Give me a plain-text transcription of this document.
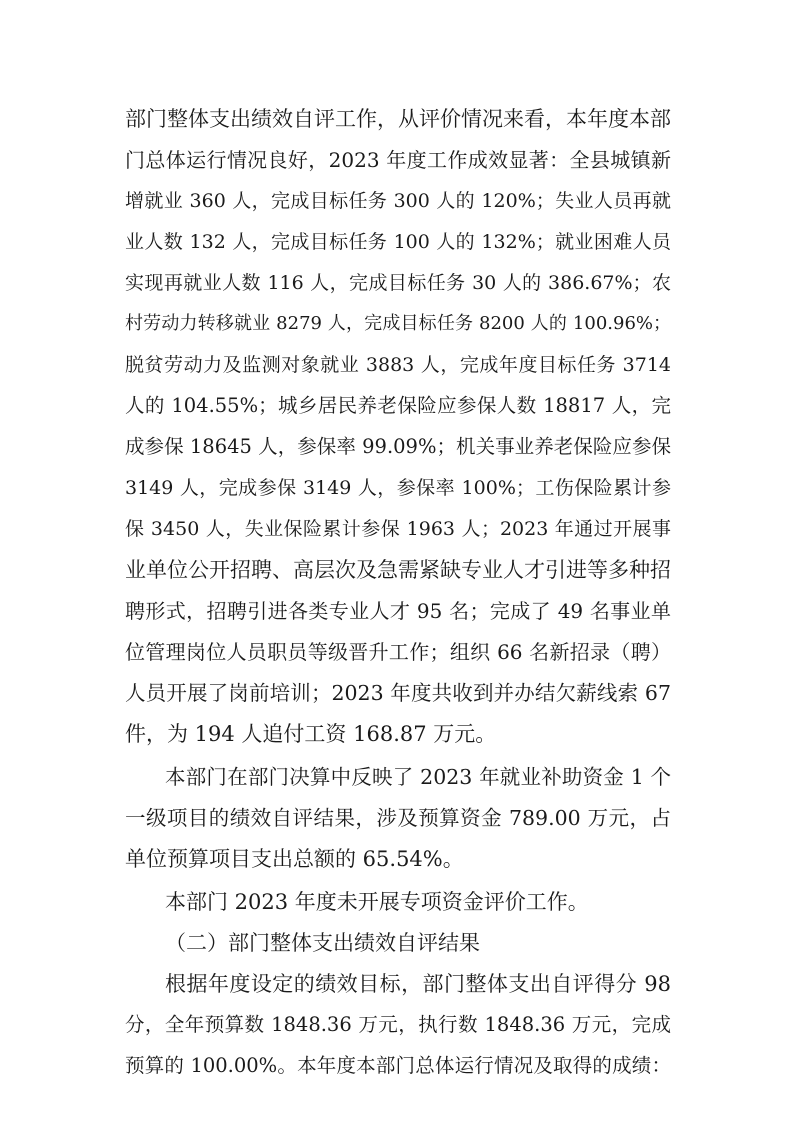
部门整体支出绩效自评工作，从评价情况来看，本年度本部
门总体运行情况良好，2023 年度工作成效显著：全县城镇新
增就业 360 人，完成目标任务 300 人的 120%；失业人员再就
业人数 132 人，完成目标任务 100 人的 132%；就业困难人员
实现再就业人数 116 人，完成目标任务 30 人的 386.67%；农
村劳动力转移就业 8279 人，完成目标任务 8200 人的 100.96%；
脱贫劳动力及监测对象就业 3883 人，完成年度目标任务 3714
人的 104.55%；城乡居民养老保险应参保人数 18817 人，完
成参保 18645 人，参保率 99.09%；机关事业养老保险应参保
3149 人，完成参保 3149 人，参保率 100%；工伤保险累计参
保 3450 人，失业保险累计参保 1963 人；2023 年通过开展事
业单位公开招聘、高层次及急需紧缺专业人才引进等多种招
聘形式，招聘引进各类专业人才 95 名；完成了 49 名事业单
位管理岗位人员职员等级晋升工作；组织 66 名新招录（聘）
人员开展了岗前培训；2023 年度共收到并办结欠薪线索 67
件，为 194 人追付工资 168.87 万元。
本部门在部门决算中反映了 2023 年就业补助资金 1 个
一级项目的绩效自评结果，涉及预算资金 789.00 万元，占
单位预算项目支出总额的 65.54%。
本部门 2023 年度未开展专项资金评价工作。
（二）部门整体支出绩效自评结果
根据年度设定的绩效目标，部门整体支出自评得分 98
分，全年预算数 1848.36 万元，执行数 1848.36 万元，完成
预算的 100.00%。本年度本部门总体运行情况及取得的成绩：
